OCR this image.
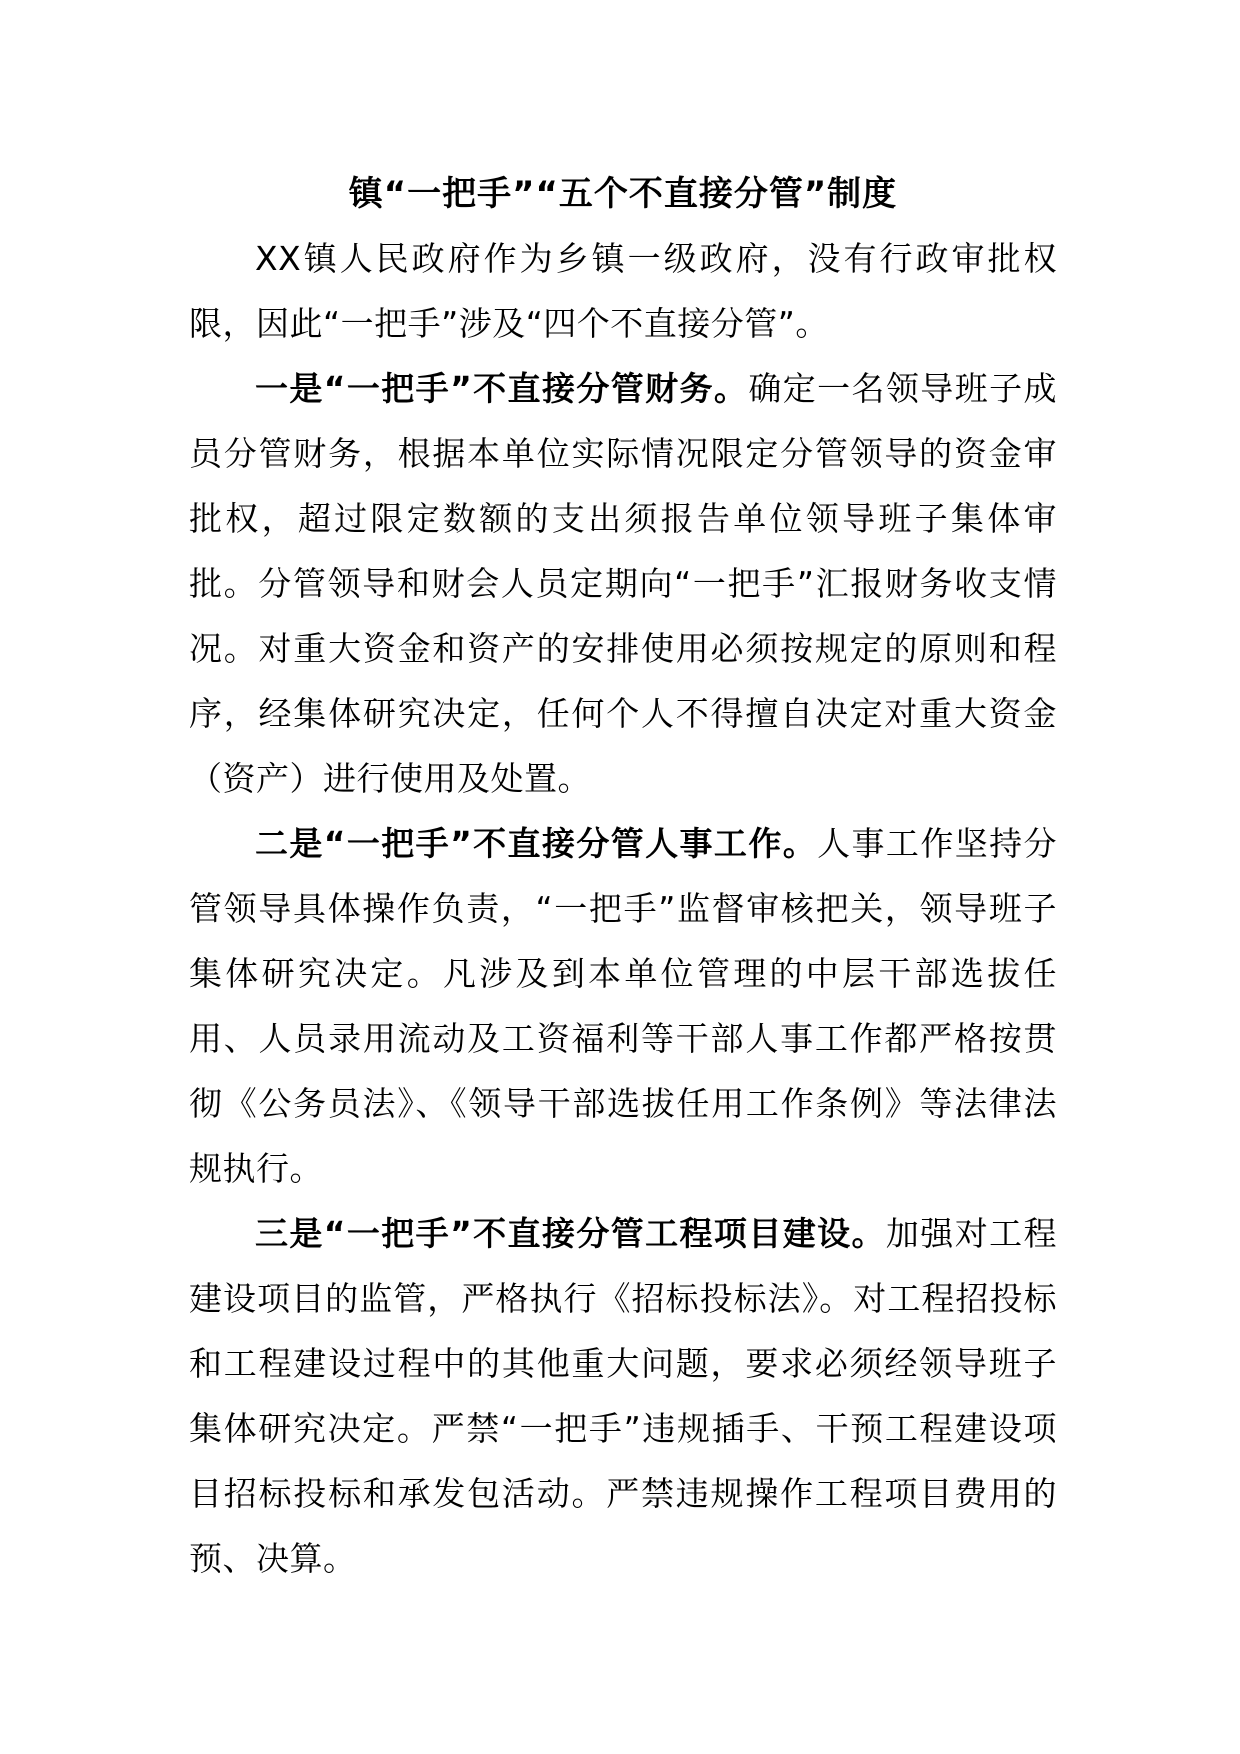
镇“一把手”“五个不直接分管”制度

XX镇人民政府作为乡镇一级政府，没有行政审批权限，因此“一把手”涉及“四个不直接分管”。

一是“一把手”不直接分管财务。确定一名领导班子成员分管财务，根据本单位实际情况限定分管领导的资金审批权，超过限定数额的支出须报告单位领导班子集体审批。分管领导和财会人员定期向“一把手”汇报财务收支情况。对重大资金和资产的安排使用必须按规定的原则和程序，经集体研究决定，任何个人不得擅自决定对重大资金（资产）进行使用及处置。

二是“一把手”不直接分管人事工作。人事工作坚持分管领导具体操作负责，“一把手”监督审核把关，领导班子集体研究决定。凡涉及到本单位管理的中层干部选拔任用、人员录用流动及工资福利等干部人事工作都严格按贯彻《公务员法》、《领导干部选拔任用工作条例》等法律法规执行。

三是“一把手”不直接分管工程项目建设。加强对工程建设项目的监管，严格执行《招标投标法》。对工程招投标和工程建设过程中的其他重大问题，要求必须经领导班子集体研究决定。严禁“一把手”违规插手、干预工程建设项目招标投标和承发包活动。严禁违规操作工程项目费用的预、决算。
